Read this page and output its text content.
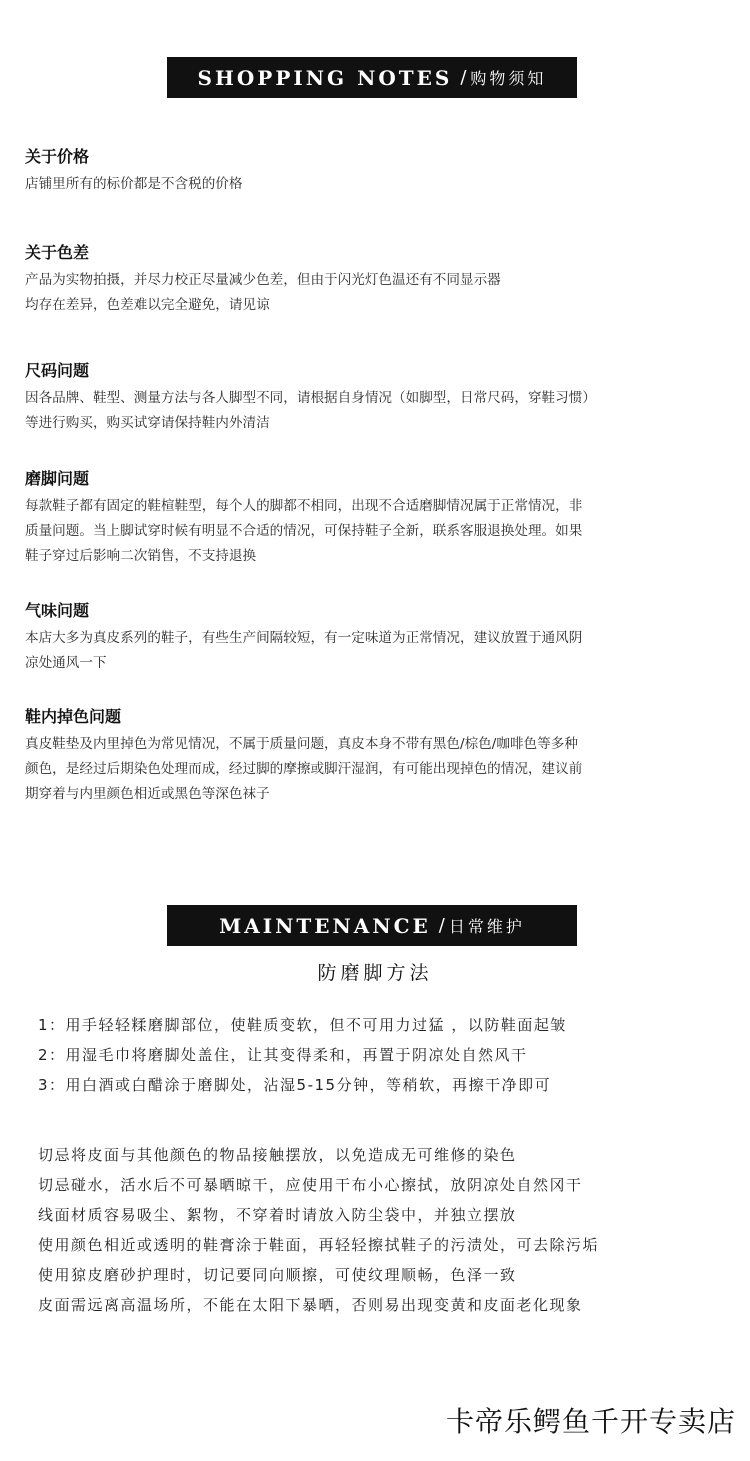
SHOPPING NOTES / 购物须知
关于价格

店铺里所有的标价都是不含税的价格

关于色差

产品为实物拍摄，并尽力校正尽量减少色差，但由于闪光灯色温还有不同显示器
均存在差异，色差难以完全避免，请见谅

尺码问题

因各品牌、鞋型、测量方法与各人脚型不同，请根据自身情况（如脚型，日常尺码，穿鞋习惯）
等进行购买，购买试穿请保持鞋内外清洁

磨脚问题

每款鞋子都有固定的鞋楦鞋型，每个人的脚都不相同，出现不合适磨脚情况属于正常情况，非
质量问题。当上脚试穿时候有明显不合适的情况，可保持鞋子全新，联系客服退换处理。如果
鞋子穿过后影响二次销售，不支持退换

气味问题

本店大多为真皮系列的鞋子，有些生产间隔较短，有一定味道为正常情况，建议放置于通风阴
凉处通风一下

鞋内掉色问题

真皮鞋垫及内里掉色为常见情况，不属于质量问题，真皮本身不带有黑色/棕色/咖啡色等多种
颜色，是经过后期染色处理而成，经过脚的摩擦或脚汗湿润，有可能出现掉色的情况，建议前
期穿着与内里颜色相近或黑色等深色袜子

MAINTENANCE / 日常维护
防磨脚方法
1：用手轻轻糅磨脚部位，使鞋质变软，但不可用力过猛 ，以防鞋面起皱
2：用湿毛巾将磨脚处盖住，让其变得柔和，再置于阴凉处自然风干
3：用白酒或白醋涂于磨脚处，沾湿5-15分钟，等稍软，再擦干净即可
切忌将皮面与其他颜色的物品接触摆放，以免造成无可维修的染色
切忌碰水，活水后不可暴晒晾干，应使用干布小心擦拭，放阴凉处自然冈干
线面材质容易吸尘、絮物，不穿着时请放入防尘袋中，并独立摆放
使用颜色相近或透明的鞋膏涂于鞋面，再轻轻擦拭鞋子的污渍处，可去除污垢
使用猄皮磨砂护理时，切记要同向顺擦，可使纹理顺畅，色泽一致
皮面需远离高温场所，不能在太阳下暴晒，否则易出现变黄和皮面老化现象
卡帝乐鳄鱼千开专卖店
